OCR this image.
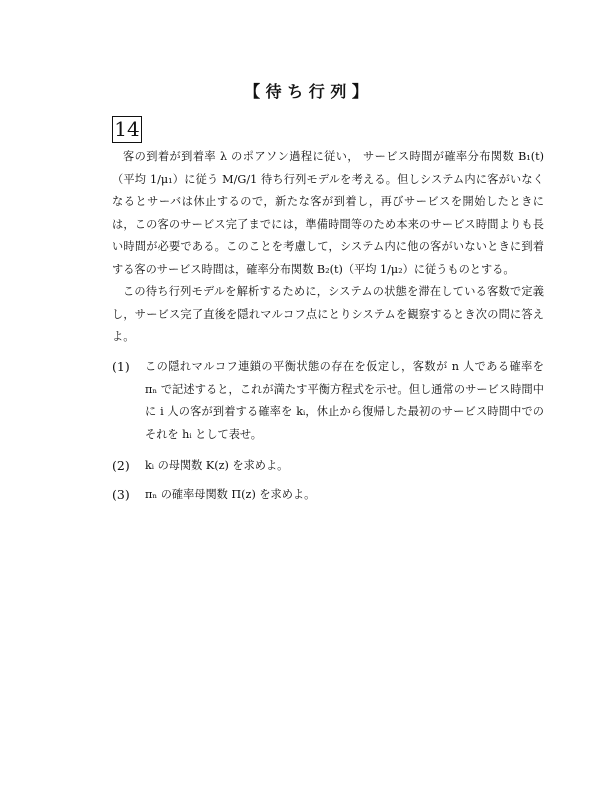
【 待 ち 行 列 】
14

客の到着が到着率 λ のポアソン過程に従い， サービス時間が確率分布関数 B₁(t)（平均 1/μ₁）に従う M/G/1 待ち行列モデルを考える。但しシステム内に客がいなくなるとサーバは休止するので，新たな客が到着し，再びサービスを開始したときには，この客のサービス完了までには，準備時間等のため本来のサービス時間よりも長い時間が必要である。このことを考慮して，システム内に他の客がいないときに到着する客のサービス時間は，確率分布関数 B₂(t)（平均 1/μ₂）に従うものとする。

この待ち行列モデルを解析するために，システムの状態を滞在している客数で定義し，サービス完了直後を隠れマルコフ点にとりシステムを観察するとき次の問に答えよ。

(1)	この隠れマルコフ連鎖の平衡状態の存在を仮定し，客数が n 人である確率を πₙ で記述すると，これが満たす平衡方程式を示せ。但し通常のサービス時間中に i 人の客が到着する確率を kᵢ，休止から復帰した最初のサービス時間中でのそれを hᵢ として表せ。
(2)	kᵢ の母関数 K(z) を求めよ。
(3)	πₙ の確率母関数 Π(z) を求めよ。
